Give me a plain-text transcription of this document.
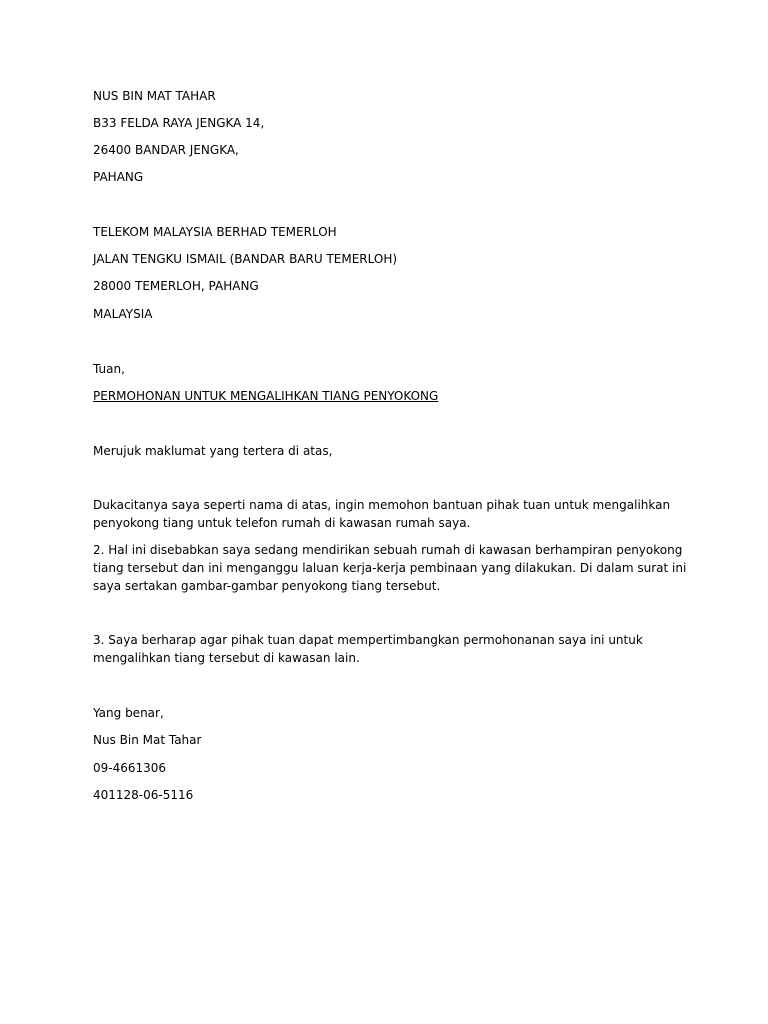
NUS BIN MAT TAHAR

B33 FELDA RAYA JENGKA 14,

26400 BANDAR JENGKA,

PAHANG

TELEKOM MALAYSIA BERHAD TEMERLOH

JALAN TENGKU ISMAIL (BANDAR BARU TEMERLOH)

28000 TEMERLOH, PAHANG

MALAYSIA

Tuan,

PERMOHONAN UNTUK MENGALIHKAN TIANG PENYOKONG

Merujuk maklumat yang tertera di atas,

Dukacitanya saya seperti nama di atas, ingin memohon bantuan pihak tuan untuk mengalihkan
penyokong tiang untuk telefon rumah di kawasan rumah saya.
2. Hal ini disebabkan saya sedang mendirikan sebuah rumah di kawasan berhampiran penyokong
tiang tersebut dan ini menganggu laluan kerja-kerja pembinaan yang dilakukan. Di dalam surat ini
saya sertakan gambar-gambar penyokong tiang tersebut.
3. Saya berharap agar pihak tuan dapat mempertimbangkan permohonanan saya ini untuk
mengalihkan tiang tersebut di kawasan lain.

Yang benar,

Nus Bin Mat Tahar

09-4661306

401128-06-5116
